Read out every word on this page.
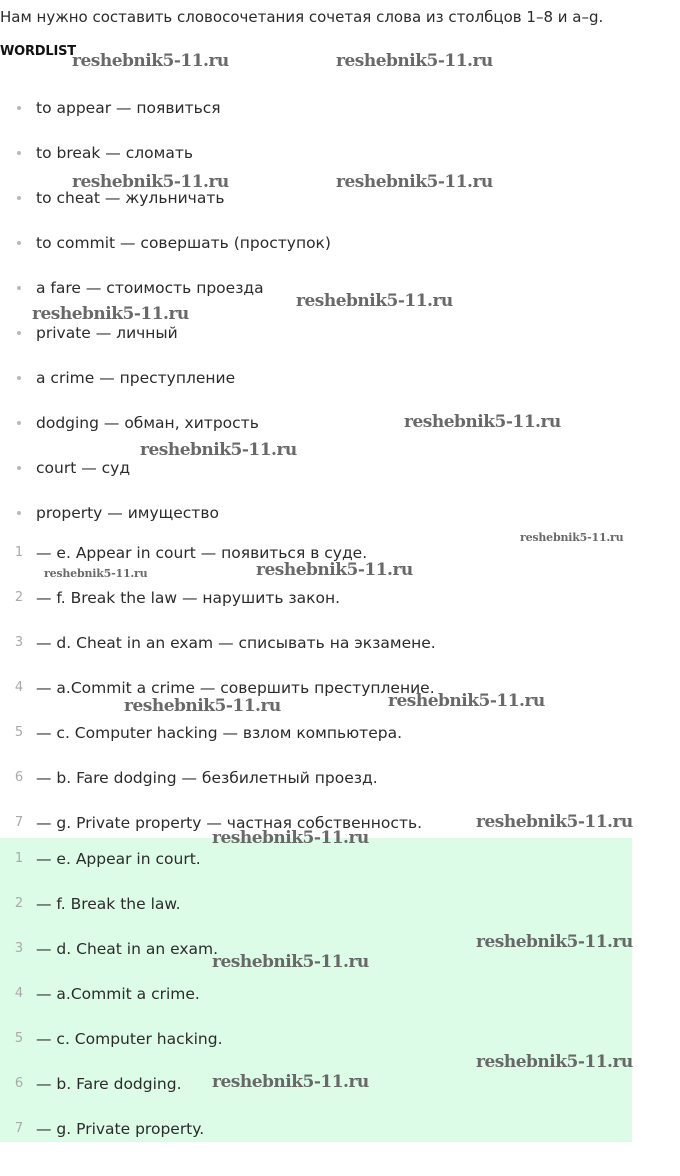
Нам нужно составить словосочетания сочетая слова из столбцов 1–8 и a–g.
WORDLIST
to appear — появиться
to break — сломать
to cheat — жульничать
to commit — совершать (проступок)
a fare — стоимость проезда
private — личный
a crime — преступление
dodging — обман, хитрость
court — суд
property — имущество
1 — e. Appear in court — появиться в суде.
2 — f. Break the law — нарушить закон.
3 — d. Cheat in an exam — списывать на экзамене.
4 — a.Commit a crime — совершить преступление.
5 — c. Computer hacking — взлом компьютера.
6 — b. Fare dodging — безбилетный проезд.
7 — g. Private property — частная собственность.
1 — e. Appear in court.
2 — f. Break the law.
3 — d. Cheat in an exam.
4 — a.Commit a crime.
5 — c. Computer hacking.
6 — b. Fare dodging.
7 — g. Private property.
reshebnik5-11.ru	reshebnik5-11.ru
reshebnik5-11.ru	reshebnik5-11.ru
reshebnik5-11.ru
reshebnik5-11.ru
reshebnik5-11.ru
reshebnik5-11.ru
reshebnik5-11.ru
reshebnik5-11.ru
reshebnik5-11.ru
reshebnik5-11.ru
reshebnik5-11.ru
reshebnik5-11.ru
reshebnik5-11.ru
reshebnik5-11.ru
reshebnik5-11.ru
reshebnik5-11.ru
reshebnik5-11.ru
